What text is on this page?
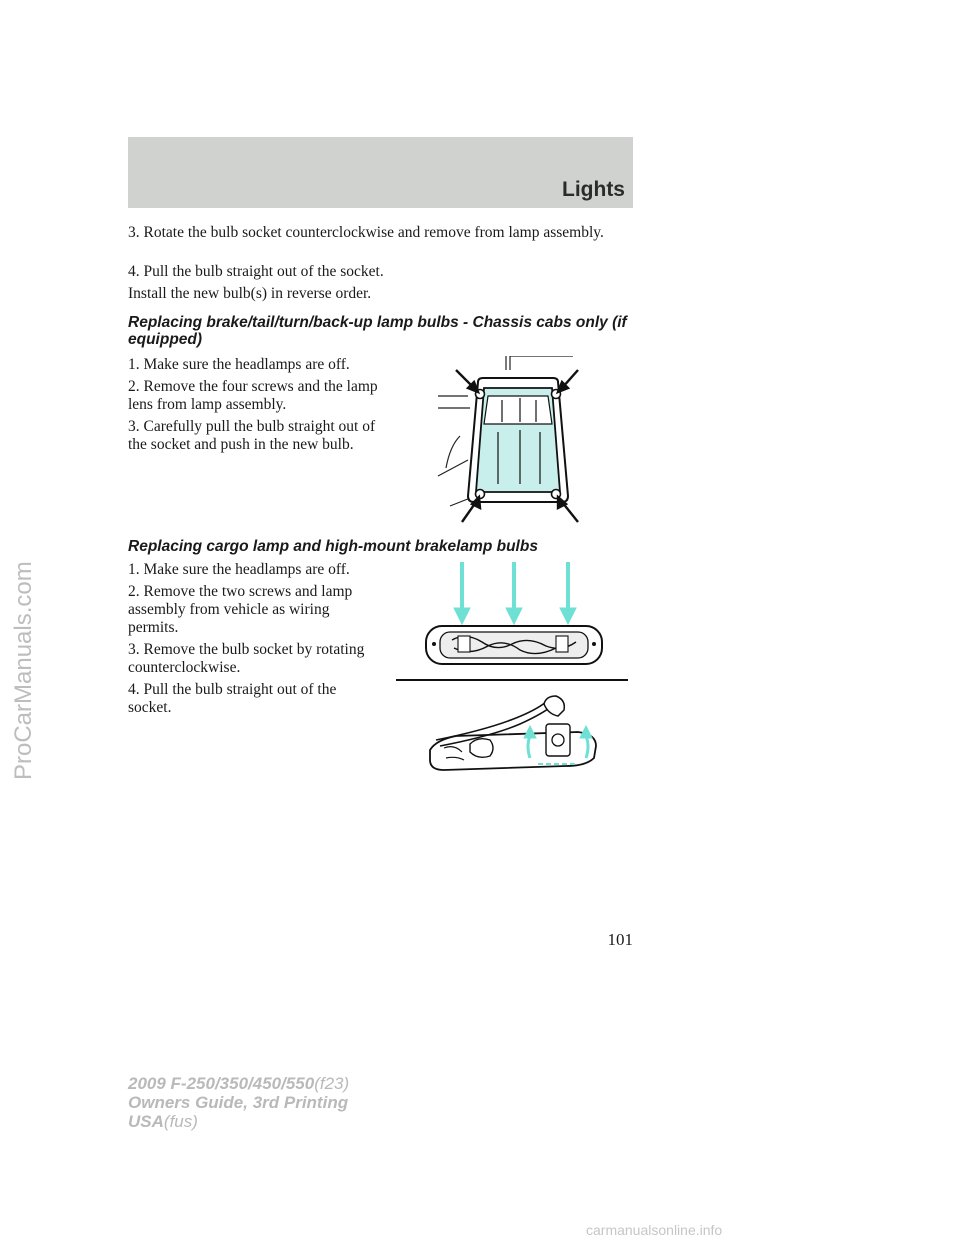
Lights

3. Rotate the bulb socket counterclockwise and remove from lamp assembly.

4. Pull the bulb straight out of the socket.

Install the new bulb(s) in reverse order.

Replacing brake/tail/turn/back-up lamp bulbs - Chassis cabs only (if equipped)

1. Make sure the headlamps are off.

2. Remove the four screws and the lamp lens from lamp assembly.

3. Carefully pull the bulb straight out of the socket and push in the new bulb.

Replacing cargo lamp and high-mount brakelamp bulbs

1. Make sure the headlamps are off.

2. Remove the two screws and lamp assembly from vehicle as wiring permits.

3. Remove the bulb socket by rotating counterclockwise.

4. Pull the bulb straight out of the socket.

101
2009 F-250/350/450/550(f23)
Owners Guide, 3rd Printing
USA(fus)
ProCarManuals.com
carmanualsonline.info
